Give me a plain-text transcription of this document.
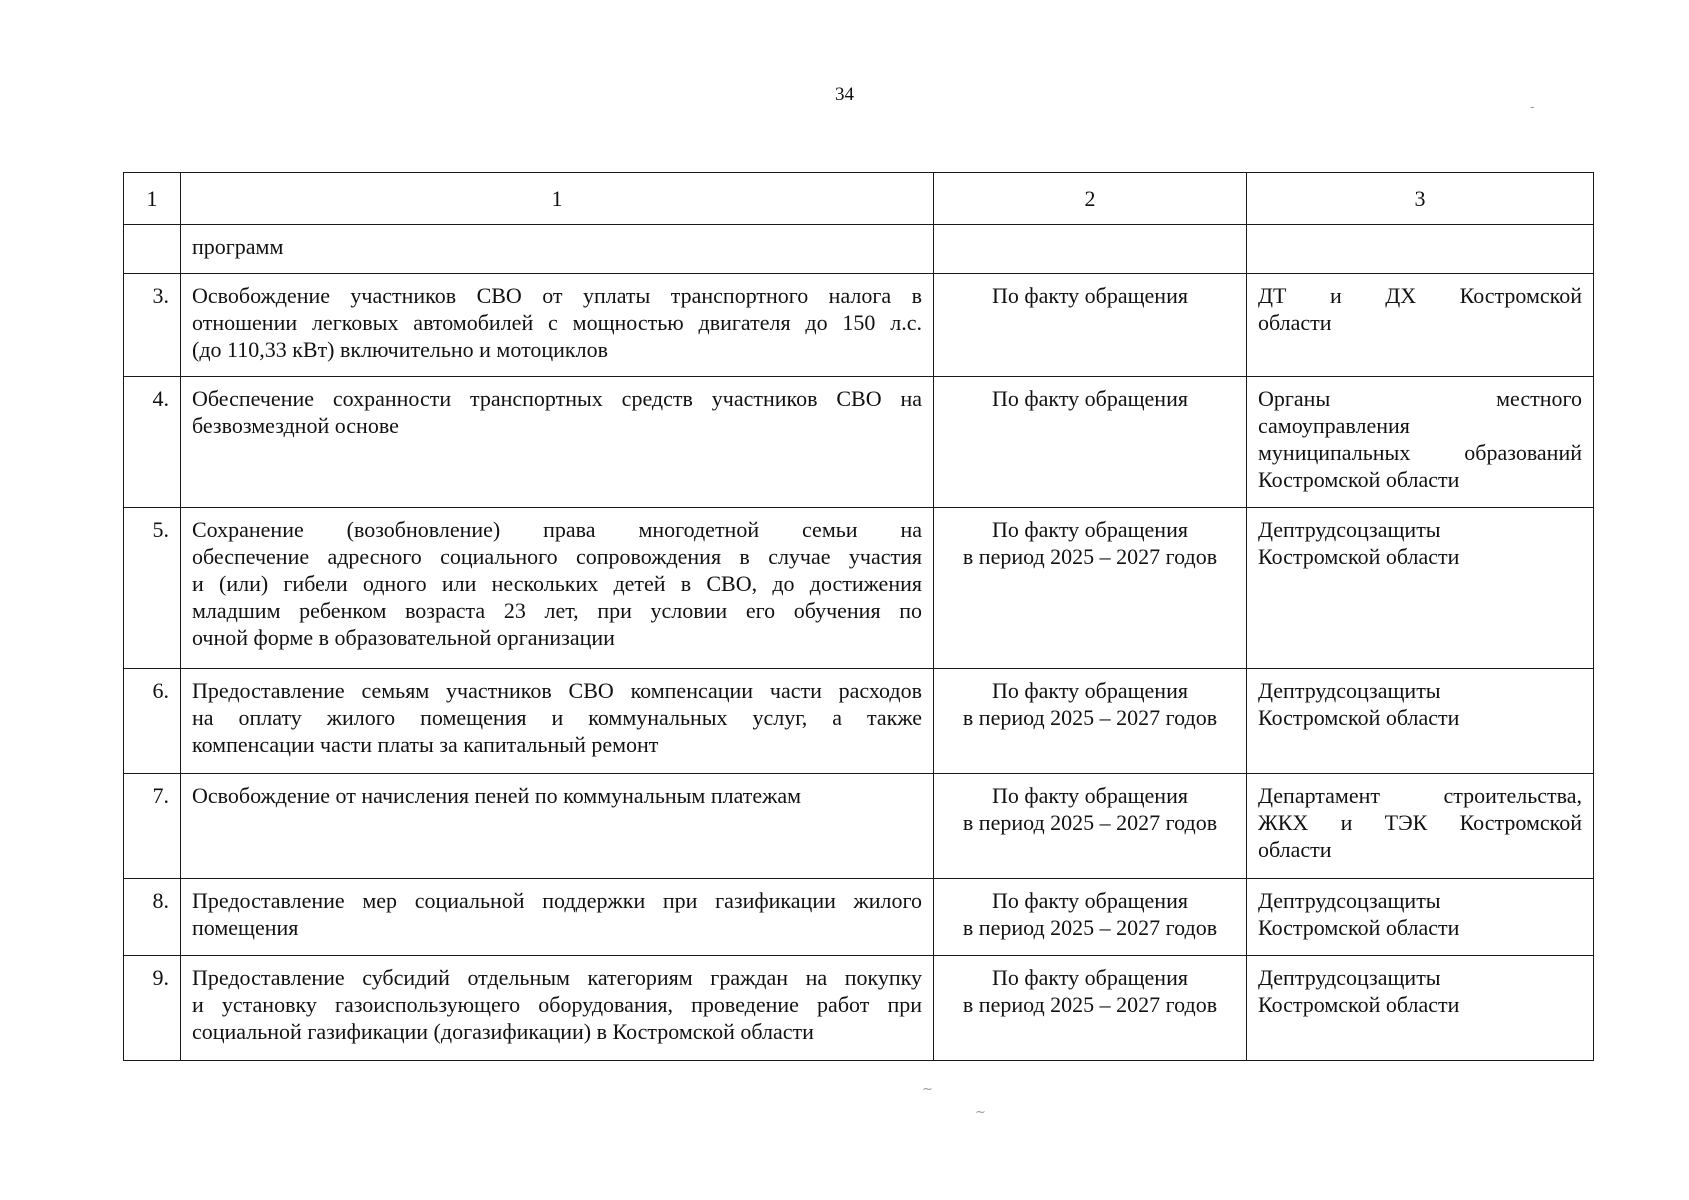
34
1	1	2	3
	программ		
3.	Освобождение участников СВО от уплаты транспортного налога в
отношении легковых автомобилей с мощностью двигателя до 150 л.с.
(до 110,33 кВт) включительно и мотоциклов	По факту обращения	ДТ и ДХ Костромской
области

4.	Обеспечение сохранности транспортных средств участников СВО на
безвозмездной основе	По факту обращения	Органы местного
самоуправления
муниципальных образований
Костромской области

5.	Сохранение (возобновление) права многодетной семьи на
обеспечение адресного социального сопровождения в случае участия
и (или) гибели одного или нескольких детей в СВО, до достижения
младшим ребенком возраста 23 лет, при условии его обучения по
очной форме в образовательной организации	По факту обращения
в период 2025 – 2027 годов	Дептрудсоцзащиты
Костромской области

6.	Предоставление семьям участников СВО компенсации части расходов
на оплату жилого помещения и коммунальных услуг, а также
компенсации части платы за капитальный ремонт	По факту обращения
в период 2025 – 2027 годов	Дептрудсоцзащиты
Костромской области

7.	Освобождение от начисления пеней по коммунальным платежам	По факту обращения
в период 2025 – 2027 годов	Департамент строительства,
ЖКХ и ТЭК Костромской
области

8.	Предоставление мер социальной поддержки при газификации жилого
помещения	По факту обращения
в период 2025 – 2027 годов	Дептрудсоцзащиты
Костромской области

9.	Предоставление субсидий отдельным категориям граждан на покупку
и установку газоиспользующего оборудования, проведение работ при
социальной газификации (догазификации) в Костромской области	По факту обращения
в период 2025 – 2027 годов	Дептрудсоцзащиты
Костромской области
-
~
~
